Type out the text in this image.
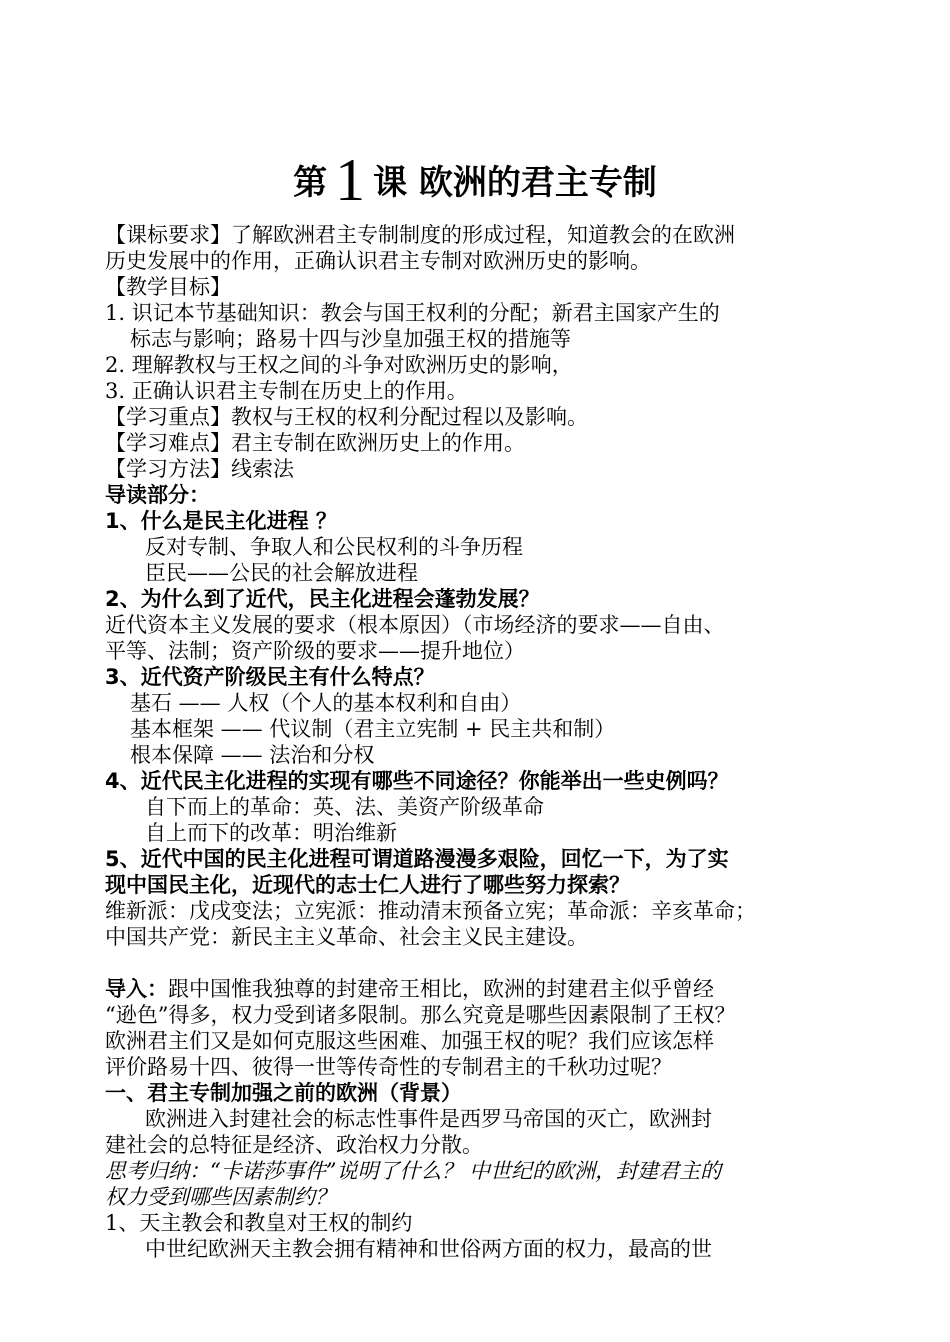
第 1 课 欧洲的君主专制
【课标要求】了解欧洲君主专制制度的形成过程，知道教会的在欧洲
历史发展中的作用，正确认识君主专制对欧洲历史的影响。
【教学目标】
1. 识记本节基础知识：教会与国王权利的分配；新君主国家产生的
标志与影响；路易十四与沙皇加强王权的措施等
2. 理解教权与王权之间的斗争对欧洲历史的影响，
3. 正确认识君主专制在历史上的作用。
【学习重点】教权与王权的权利分配过程以及影响。
【学习难点】君主专制在欧洲历史上的作用。
【学习方法】线索法
导读部分：
1、什么是民主化进程 ？
反对专制、争取人和公民权利的斗争历程
臣民——公民的社会解放进程
2、为什么到了近代，民主化进程会蓬勃发展？
近代资本主义发展的要求（根本原因）（市场经济的要求——自由、
平等、法制；资产阶级的要求——提升地位）
3、近代资产阶级民主有什么特点？
基石 —— 人权（个人的基本权利和自由）
基本框架 —— 代议制（君主立宪制 + 民主共和制）
根本保障 —— 法治和分权
4、近代民主化进程的实现有哪些不同途径？你能举出一些史例吗？
自下而上的革命：英、法、美资产阶级革命
自上而下的改革：明治维新
5、近代中国的民主化进程可谓道路漫漫多艰险，回忆一下，为了实
现中国民主化，近现代的志士仁人进行了哪些努力探索？
维新派：戊戌变法；立宪派：推动清末预备立宪；革命派：辛亥革命；
中国共产党：新民主主义革命、社会主义民主建设。
导入：跟中国惟我独尊的封建帝王相比，欧洲的封建君主似乎曾经
“逊色”得多，权力受到诸多限制。那么究竟是哪些因素限制了王权？
欧洲君主们又是如何克服这些困难、加强王权的呢？我们应该怎样
评价路易十四、彼得一世等传奇性的专制君主的千秋功过呢？
一、君主专制加强之前的欧洲（背景）
欧洲进入封建社会的标志性事件是西罗马帝国的灭亡，欧洲封
建社会的总特征是经济、政治权力分散。
思考归纳：“卡诺莎事件”说明了什么？ 中世纪的欧洲，封建君主的
权力受到哪些因素制约？
1、天主教会和教皇对王权的制约
中世纪欧洲天主教会拥有精神和世俗两方面的权力，最高的世
